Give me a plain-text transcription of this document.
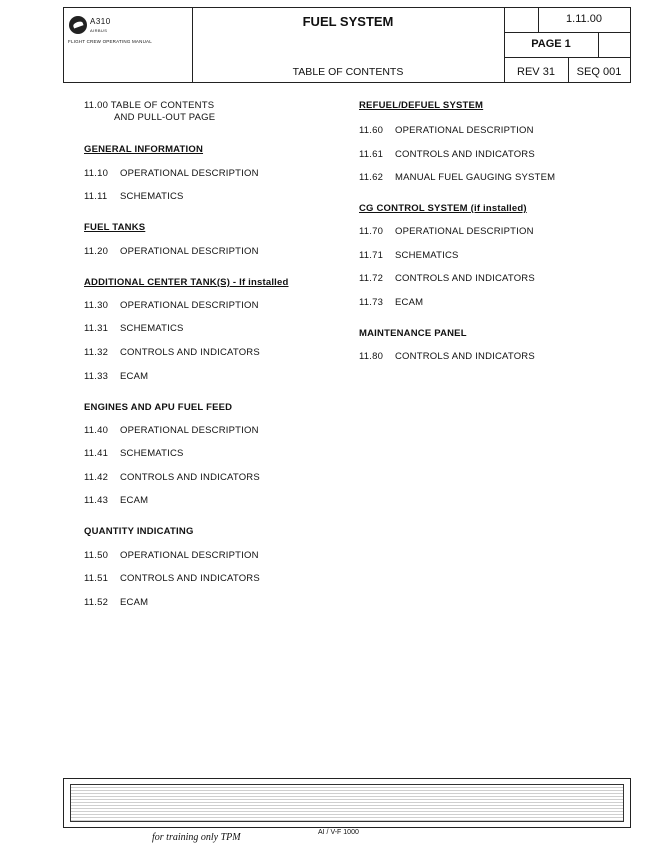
A310
AIRBUS
FLIGHT CREW OPERATING MANUAL
FUEL SYSTEM
TABLE OF CONTENTS
1.11.00
PAGE 1
REV 31	SEQ 001
11.00 TABLE OF CONTENTS
AND PULL-OUT PAGE
GENERAL INFORMATION
11.10 OPERATIONAL DESCRIPTION
11.11 SCHEMATICS
FUEL TANKS
11.20 OPERATIONAL DESCRIPTION
ADDITIONAL CENTER TANK(S) - If installed
11.30 OPERATIONAL DESCRIPTION
11.31 SCHEMATICS
11.32 CONTROLS AND INDICATORS
11.33 ECAM
ENGINES AND APU FUEL FEED
11.40 OPERATIONAL DESCRIPTION
11.41 SCHEMATICS
11.42 CONTROLS AND INDICATORS
11.43 ECAM
QUANTITY INDICATING
11.50 OPERATIONAL DESCRIPTION
11.51 CONTROLS AND INDICATORS
11.52 ECAM
REFUEL/DEFUEL SYSTEM
11.60 OPERATIONAL DESCRIPTION
11.61 CONTROLS AND INDICATORS
11.62 MANUAL FUEL GAUGING SYSTEM
CG CONTROL SYSTEM (if installed)
11.70 OPERATIONAL DESCRIPTION
11.71 SCHEMATICS
11.72 CONTROLS AND INDICATORS
11.73 ECAM
MAINTENANCE PANEL
11.80 CONTROLS AND INDICATORS
for training only TPM	AI / V-F 1000
